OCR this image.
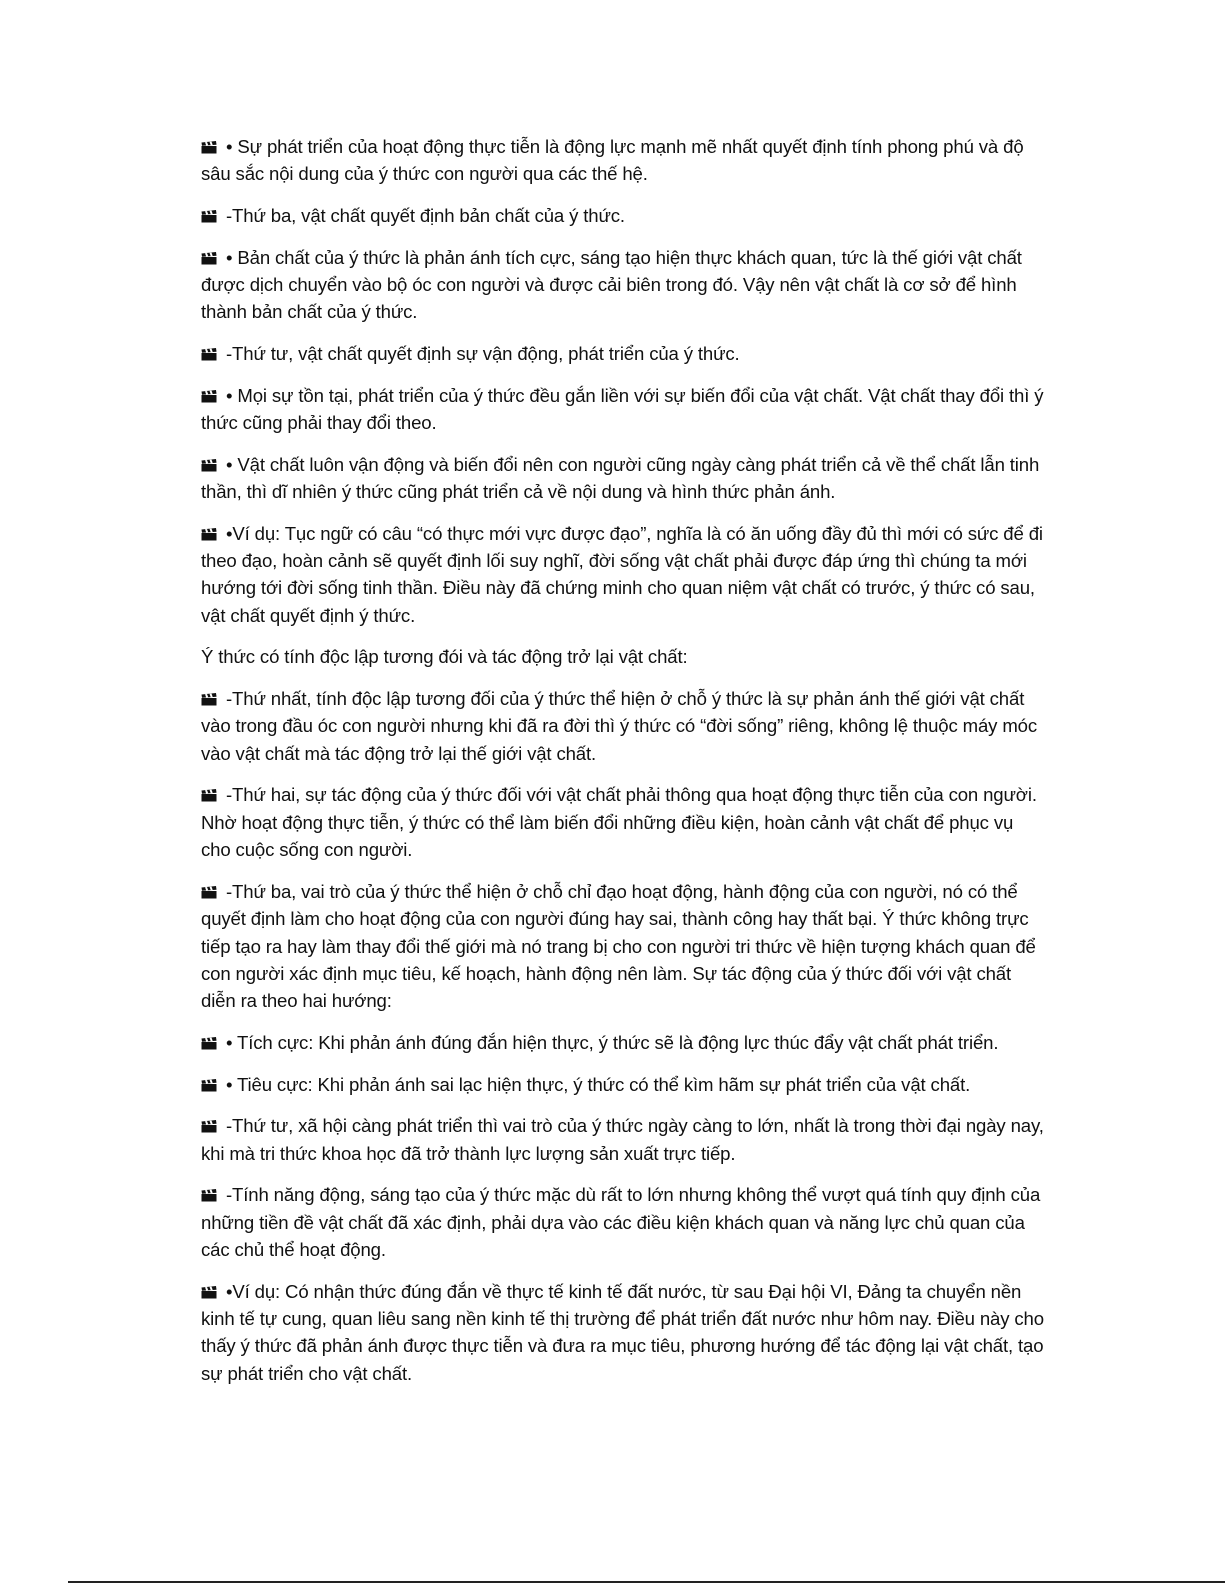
• Sự phát triển của hoạt động thực tiễn là động lực mạnh mẽ nhất quyết định tính phong phú và độ sâu sắc nội dung của ý thức con người qua các thế hệ.

-Thứ ba, vật chất quyết định bản chất của ý thức.

• Bản chất của ý thức là phản ánh tích cực, sáng tạo hiện thực khách quan, tức là thế giới vật chất được dịch chuyển vào bộ óc con người và được cải biên trong đó. Vậy nên vật chất là cơ sở để hình thành bản chất của ý thức.

-Thứ tư, vật chất quyết định sự vận động, phát triển của ý thức.

• Mọi sự tồn tại, phát triển của ý thức đều gắn liền với sự biến đổi của vật chất. Vật chất thay đổi thì ý thức cũng phải thay đổi theo.

• Vật chất luôn vận động và biến đổi nên con người cũng ngày càng phát triển cả về thể chất lẫn tinh thần, thì dĩ nhiên ý thức cũng phát triển cả về nội dung và hình thức phản ánh.

•Ví dụ: Tục ngữ có câu “có thực mới vực được đạo”, nghĩa là có ăn uống đầy đủ thì mới có sức để đi theo đạo, hoàn cảnh sẽ quyết định lối suy nghĩ, đời sống vật chất phải được đáp ứng thì chúng ta mới hướng tới đời sống tinh thần. Điều này đã chứng minh cho quan niệm vật chất có trước, ý thức có sau, vật chất quyết định ý thức.

Ý thức có tính độc lập tương đói và tác động trở lại vật chất:

-Thứ nhất, tính độc lập tương đối của ý thức thể hiện ở chỗ ý thức là sự phản ánh thế giới vật chất vào trong đầu óc con người nhưng khi đã ra đời thì ý thức có “đời sống” riêng, không lệ thuộc máy móc vào vật chất mà tác động trở lại thế giới vật chất.

-Thứ hai, sự tác động của ý thức đối với vật chất phải thông qua hoạt động thực tiễn của con người. Nhờ hoạt động thực tiễn, ý thức có thể làm biến đổi những điều kiện, hoàn cảnh vật chất để phục vụ cho cuộc sống con người.

-Thứ ba, vai trò của ý thức thể hiện ở chỗ chỉ đạo hoạt động, hành động của con người, nó có thể quyết định làm cho hoạt động của con người đúng hay sai, thành công hay thất bại. Ý thức không trực tiếp tạo ra hay làm thay đổi thế giới mà nó trang bị cho con người tri thức về hiện tượng khách quan để con người xác định mục tiêu, kế hoạch, hành động nên làm. Sự tác động của ý thức đối với vật chất diễn ra theo hai hướng:

• Tích cực: Khi phản ánh đúng đắn hiện thực, ý thức sẽ là động lực thúc đẩy vật chất phát triển.

• Tiêu cực: Khi phản ánh sai lạc hiện thực, ý thức có thể kìm hãm sự phát triển của vật chất.

-Thứ tư, xã hội càng phát triển thì vai trò của ý thức ngày càng to lớn, nhất là trong thời đại ngày nay, khi mà tri thức khoa học đã trở thành lực lượng sản xuất trực tiếp.

-Tính năng động, sáng tạo của ý thức mặc dù rất to lớn nhưng không thể vượt quá tính quy định của những tiền đề vật chất đã xác định, phải dựa vào các điều kiện khách quan và năng lực chủ quan của các chủ thể hoạt động.

•Ví dụ: Có nhận thức đúng đắn về thực tế kinh tế đất nước, từ sau Đại hội VI, Đảng ta chuyển nền kinh tế tự cung, quan liêu sang nền kinh tế thị trường để phát triển đất nước như hôm nay. Điều này cho thấy ý thức đã phản ánh được thực tiễn và đưa ra mục tiêu, phương hướng để tác động lại vật chất, tạo sự phát triển cho vật chất.
